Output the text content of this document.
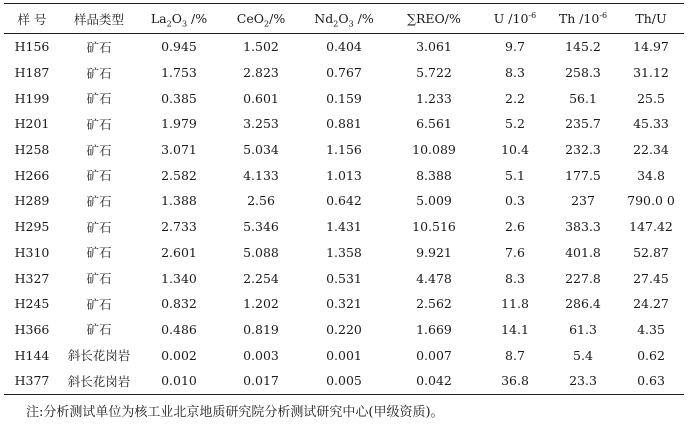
样 号	样品类型	$La_2O_3$ /%	CeO$_2$/%	$Nd_2O_3$ /%	∑REO/%	U $/10^{-6}$	Th $/10^{-6}$	Th/U
H156	矿石	0.945	1.502	0.404	3.061	9.7	145.2	14.97
H187	矿石	1.753	2.823	0.767	5.722	8.3	258.3	31.12
H199	矿石	0.385	0.601	0.159	1.233	2.2	56.1	25.5
H201	矿石	1.979	3.253	0.881	6.561	5.2	235.7	45.33
H258	矿石	3.071	5.034	1.156	10.089	10.4	232.3	22.34
H266	矿石	2.582	4.133	1.013	8.388	5.1	177.5	34.8
H289	矿石	1.388	2.56	0.642	5.009	0.3	237	790.0 0
H295	矿石	2.733	5.346	1.431	10.516	2.6	383.3	147.42
H310	矿石	2.601	5.088	1.358	9.921	7.6	401.8	52.87
H327	矿石	1.340	2.254	0.531	4.478	8.3	227.8	27.45
H245	矿石	0.832	1.202	0.321	2.562	11.8	286.4	24.27
H366	矿石	0.486	0.819	0.220	1.669	14.1	61.3	4.35
H144	斜长花岗岩	0.002	0.003	0.001	0.007	8.7	5.4	0.62
H377	斜长花岗岩	0.010	0.017	0.005	0.042	36.8	23.3	0.63
注:分析测试单位为核工业北京地质研究院分析测试研究中心(甲级资质)。
